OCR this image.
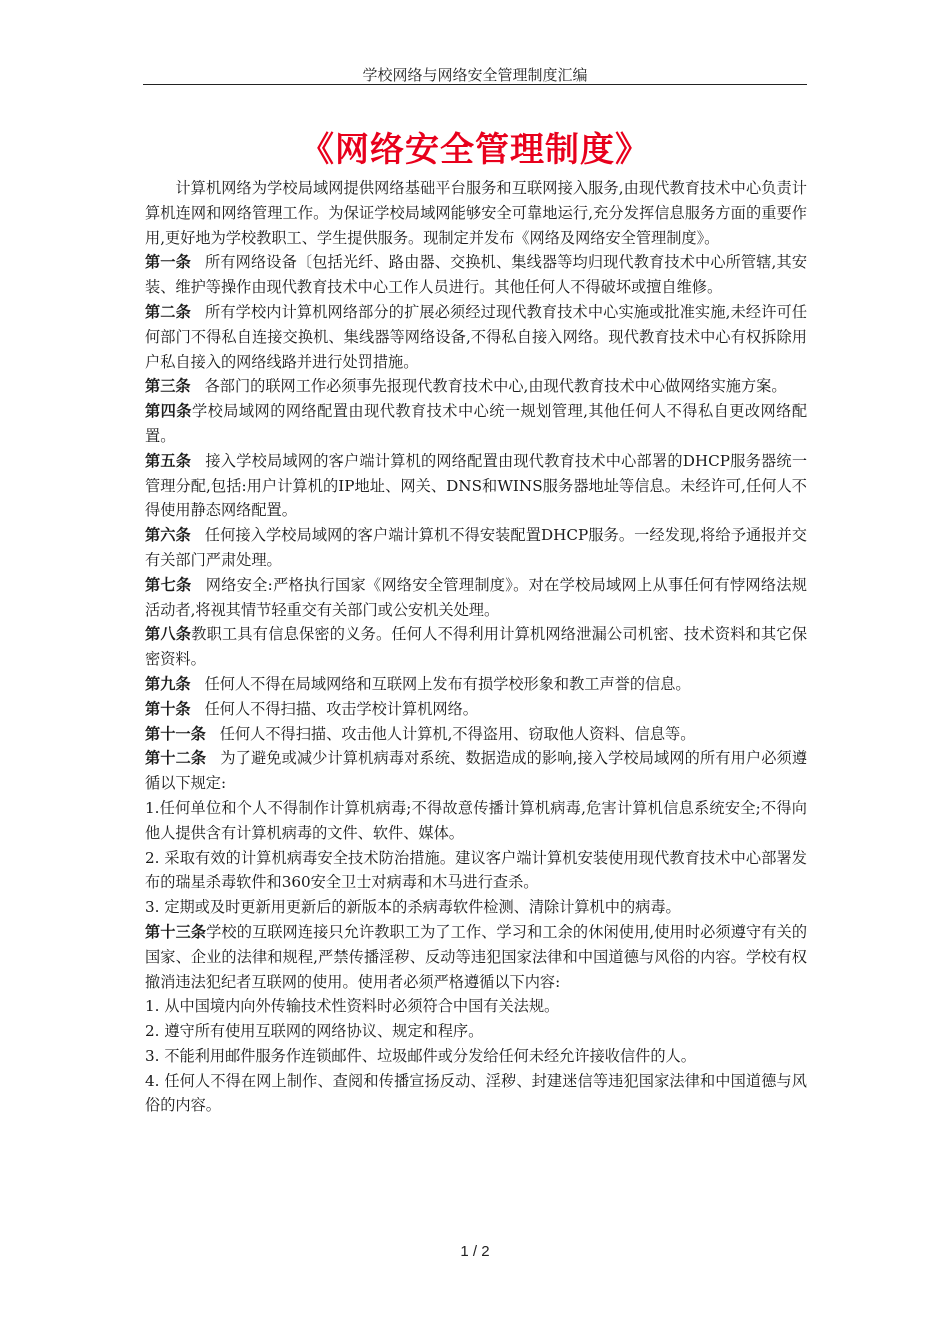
学校网络与网络安全管理制度汇编
《网络安全管理制度》

计算机网络为学校局域网提供网络基础平台服务和互联网接入服务,由现代教育技术中心负责计算机连网和网络管理工作。为保证学校局域网能够安全可靠地运行,充分发挥信息服务方面的重要作用,更好地为学校教职工、学生提供服务。现制定并发布《网络及网络安全管理制度》。

第一条 所有网络设备〔包括光纤、路由器、交换机、集线器等均归现代教育技术中心所管辖,其安装、维护等操作由现代教育技术中心工作人员进行。其他任何人不得破坏或擅自维修。

第二条 所有学校内计算机网络部分的扩展必须经过现代教育技术中心实施或批准实施,未经许可任何部门不得私自连接交换机、集线器等网络设备,不得私自接入网络。现代教育技术中心有权拆除用户私自接入的网络线路并进行处罚措施。

第三条 各部门的联网工作必须事先报现代教育技术中心,由现代教育技术中心做网络实施方案。

第四条学校局域网的网络配置由现代教育技术中心统一规划管理,其他任何人不得私自更改网络配置。

第五条 接入学校局域网的客户端计算机的网络配置由现代教育技术中心部署的DHCP服务器统一管理分配,包括:用户计算机的IP地址、网关、DNS和WINS服务器地址等信息。未经许可,任何人不得使用静态网络配置。

第六条 任何接入学校局域网的客户端计算机不得安装配置DHCP服务。一经发现,将给予通报并交有关部门严肃处理。

第七条 网络安全:严格执行国家《网络安全管理制度》。对在学校局域网上从事任何有悖网络法规活动者,将视其情节轻重交有关部门或公安机关处理。

第八条教职工具有信息保密的义务。任何人不得利用计算机网络泄漏公司机密、技术资料和其它保密资料。

第九条 任何人不得在局域网络和互联网上发布有损学校形象和教工声誉的信息。

第十条 任何人不得扫描、攻击学校计算机网络。

第十一条 任何人不得扫描、攻击他人计算机,不得盗用、窃取他人资料、信息等。

第十二条 为了避免或减少计算机病毒对系统、数据造成的影响,接入学校局域网的所有用户必须遵循以下规定:

1.任何单位和个人不得制作计算机病毒;不得故意传播计算机病毒,危害计算机信息系统安全;不得向他人提供含有计算机病毒的文件、软件、媒体。

2. 采取有效的计算机病毒安全技术防治措施。建议客户端计算机安装使用现代教育技术中心部署发布的瑞星杀毒软件和360安全卫士对病毒和木马进行查杀。

3. 定期或及时更新用更新后的新版本的杀病毒软件检测、清除计算机中的病毒。

第十三条学校的互联网连接只允许教职工为了工作、学习和工余的休闲使用,使用时必须遵守有关的国家、企业的法律和规程,严禁传播淫秽、反动等违犯国家法律和中国道德与风俗的内容。学校有权撤消违法犯纪者互联网的使用。使用者必须严格遵循以下内容:

1. 从中国境内向外传输技术性资料时必须符合中国有关法规。

2. 遵守所有使用互联网的网络协议、规定和程序。

3. 不能利用邮件服务作连锁邮件、垃圾邮件或分发给任何未经允许接收信件的人。

4. 任何人不得在网上制作、查阅和传播宣扬反动、淫秽、封建迷信等违犯国家法律和中国道德与风俗的内容。

1 / 2
